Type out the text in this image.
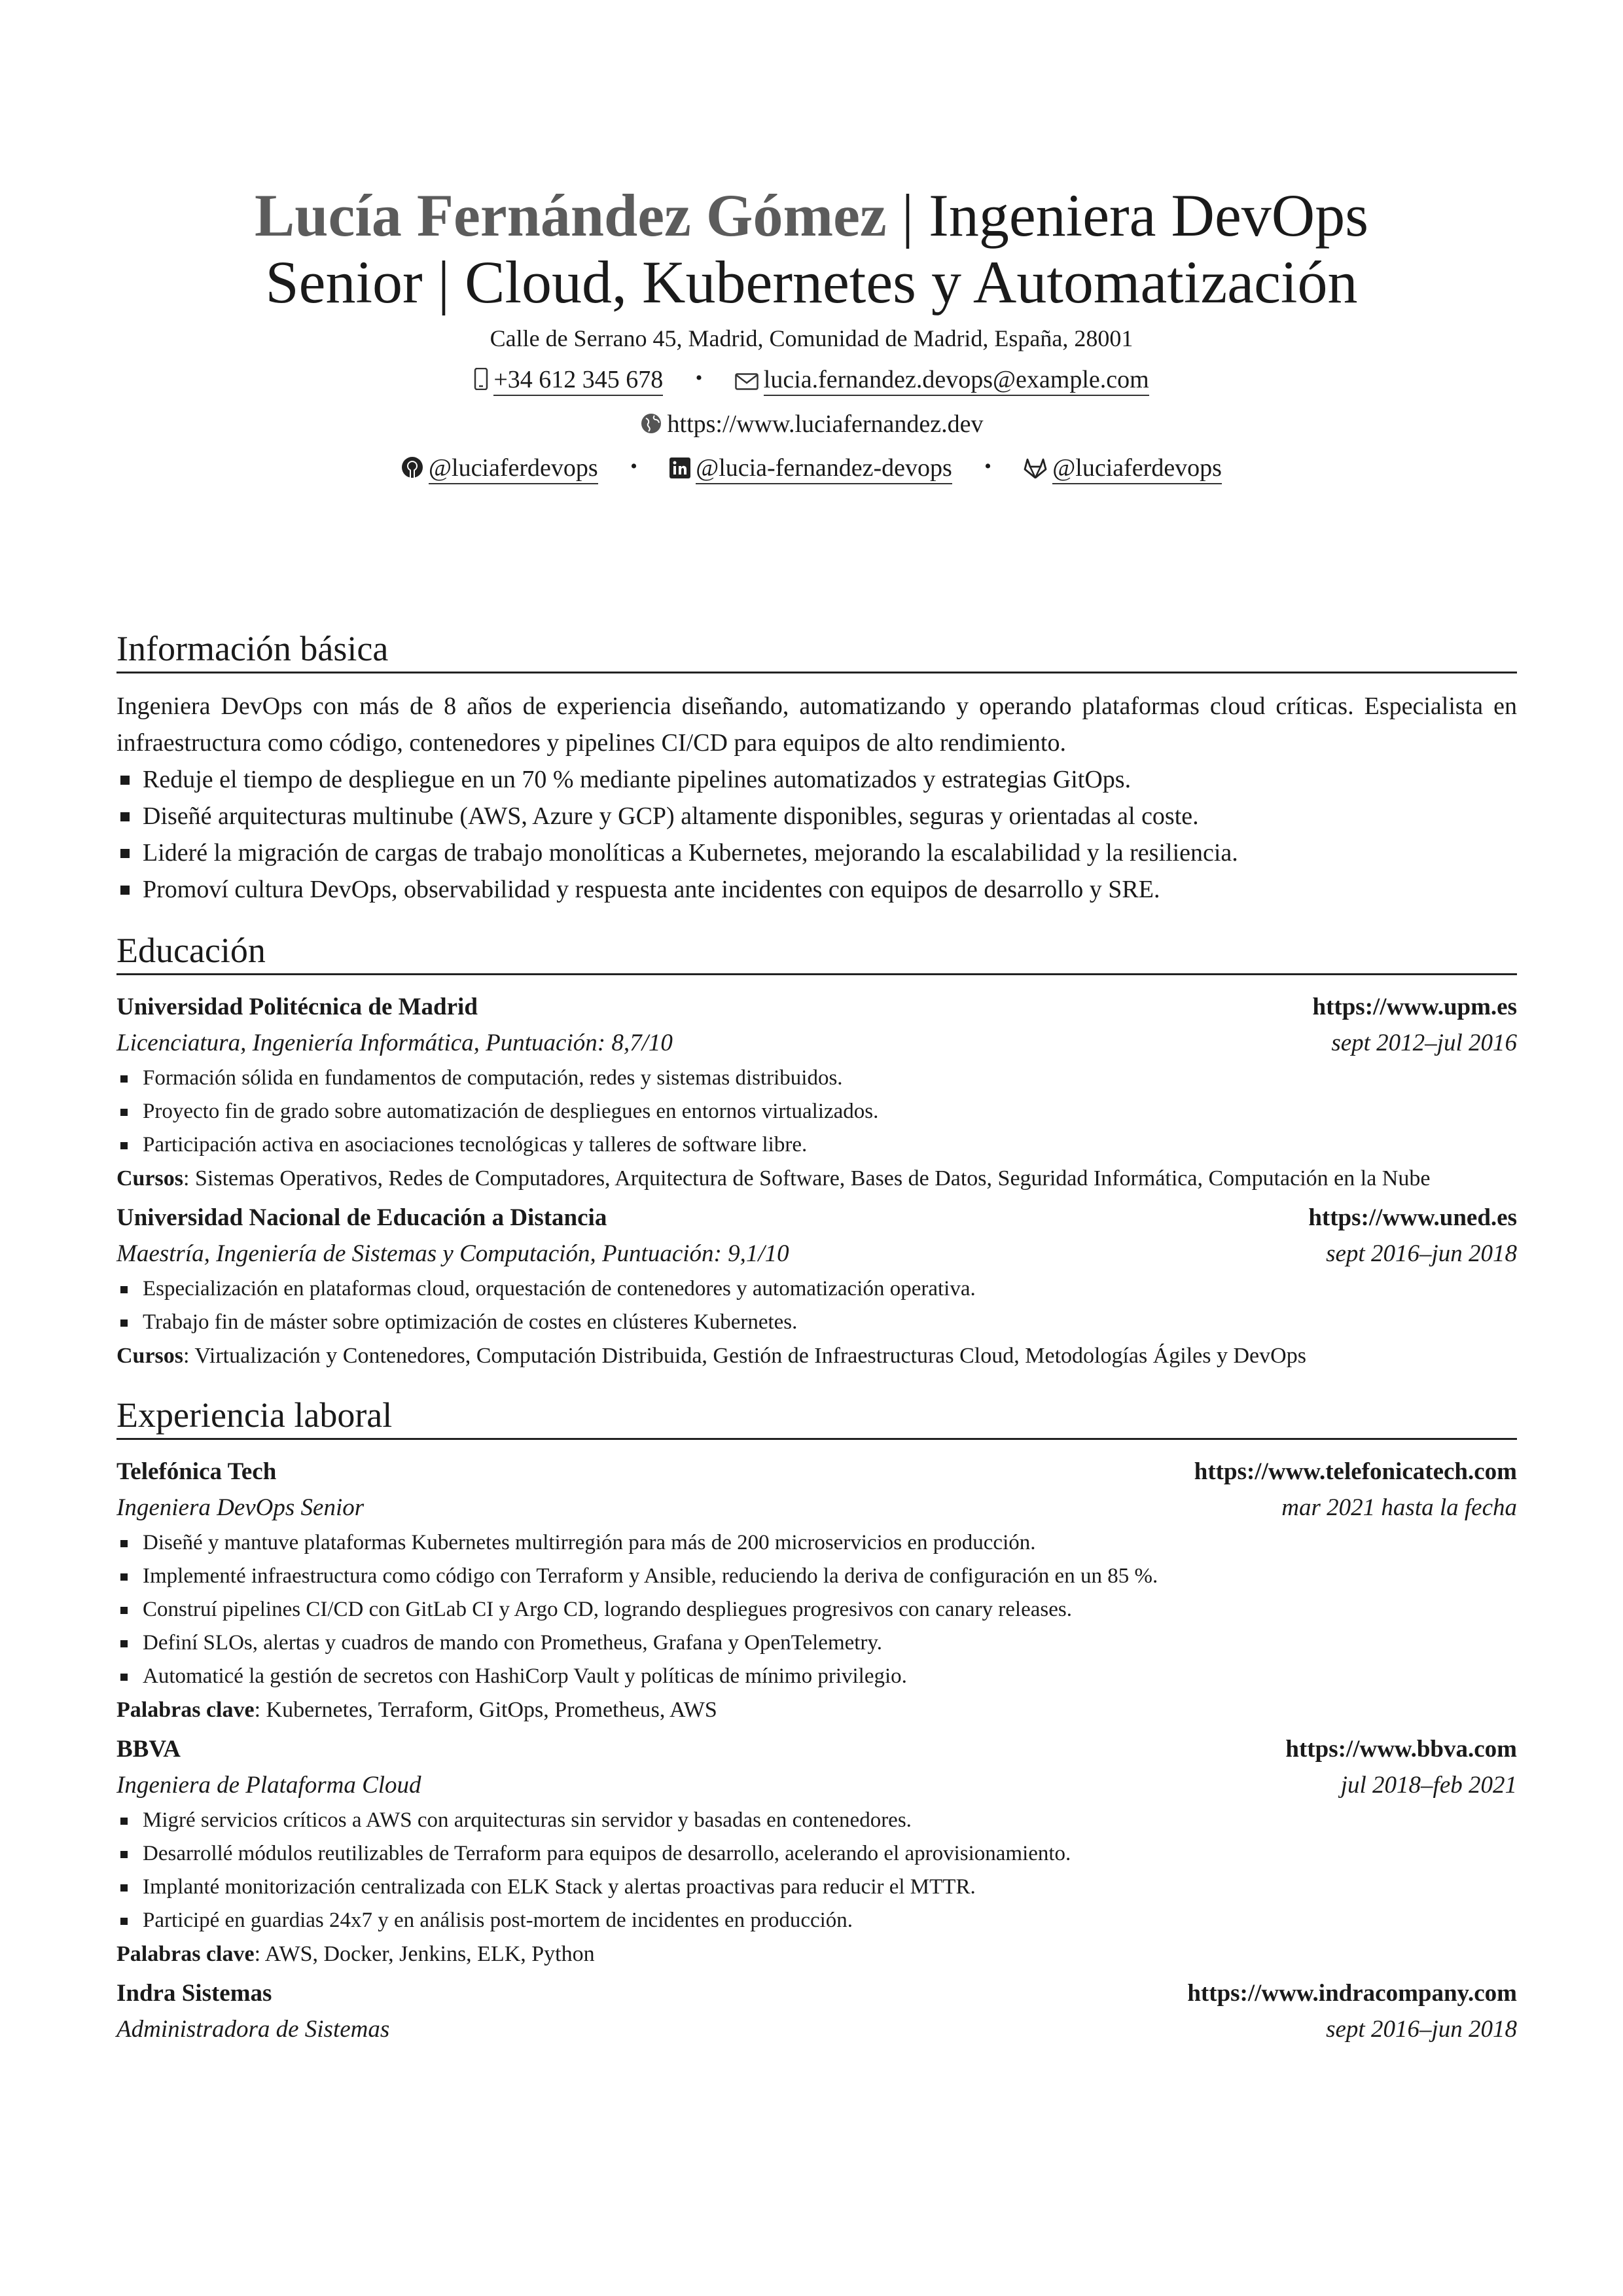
Lucía Fernández Gómez | Ingeniera DevOps Senior | Cloud, Kubernetes y Automatización
Calle de Serrano 45, Madrid, Comunidad de Madrid, España, 28001
+34 612 345 678 • lucia.fernandez.devops@example.com
https://www.luciafernandez.dev
@luciaferdevops • @lucia-fernandez-devops • @luciaferdevops
Información básica

Ingeniera DevOps con más de 8 años de experiencia diseñando, automatizando y operando plataformas cloud críticas. Especialista en infraestructura como código, contenedores y pipelines CI/CD para equipos de alto rendimiento.

Reduje el tiempo de despliegue en un 70 % mediante pipelines automatizados y estrategias GitOps.
Diseñé arquitecturas multinube (AWS, Azure y GCP) altamente disponibles, seguras y orientadas al coste.
Lideré la migración de cargas de trabajo monolíticas a Kubernetes, mejorando la escalabilidad y la resiliencia.
Promoví cultura DevOps, observabilidad y respuesta ante incidentes con equipos de desarrollo y SRE.
Educación
Universidad Politécnica de Madrid	https://www.upm.es
Licenciatura, Ingeniería Informática, Puntuación: 8,7/10	sept 2012–jul 2016
Formación sólida en fundamentos de computación, redes y sistemas distribuidos.
Proyecto fin de grado sobre automatización de despliegues en entornos virtualizados.
Participación activa en asociaciones tecnológicas y talleres de software libre.

Cursos: Sistemas Operativos, Redes de Computadores, Arquitectura de Software, Bases de Datos, Seguridad Informática, Computación en la Nube

Universidad Nacional de Educación a Distancia	https://www.uned.es
Maestría, Ingeniería de Sistemas y Computación, Puntuación: 9,1/10	sept 2016–jun 2018
Especialización en plataformas cloud, orquestación de contenedores y automatización operativa.
Trabajo fin de máster sobre optimización de costes en clústeres Kubernetes.

Cursos: Virtualización y Contenedores, Computación Distribuida, Gestión de Infraestructuras Cloud, Metodologías Ágiles y DevOps

Experiencia laboral
Telefónica Tech	https://www.telefonicatech.com
Ingeniera DevOps Senior	mar 2021 hasta la fecha
Diseñé y mantuve plataformas Kubernetes multirregión para más de 200 microservicios en producción.
Implementé infraestructura como código con Terraform y Ansible, reduciendo la deriva de configuración en un 85 %.
Construí pipelines CI/CD con GitLab CI y Argo CD, logrando despliegues progresivos con canary releases.
Definí SLOs, alertas y cuadros de mando con Prometheus, Grafana y OpenTelemetry.
Automaticé la gestión de secretos con HashiCorp Vault y políticas de mínimo privilegio.

Palabras clave: Kubernetes, Terraform, GitOps, Prometheus, AWS

BBVA	https://www.bbva.com
Ingeniera de Plataforma Cloud	jul 2018–feb 2021
Migré servicios críticos a AWS con arquitecturas sin servidor y basadas en contenedores.
Desarrollé módulos reutilizables de Terraform para equipos de desarrollo, acelerando el aprovisionamiento.
Implanté monitorización centralizada con ELK Stack y alertas proactivas para reducir el MTTR.
Participé en guardias 24x7 y en análisis post-mortem de incidentes en producción.

Palabras clave: AWS, Docker, Jenkins, ELK, Python

Indra Sistemas	https://www.indracompany.com
Administradora de Sistemas	sept 2016–jun 2018
